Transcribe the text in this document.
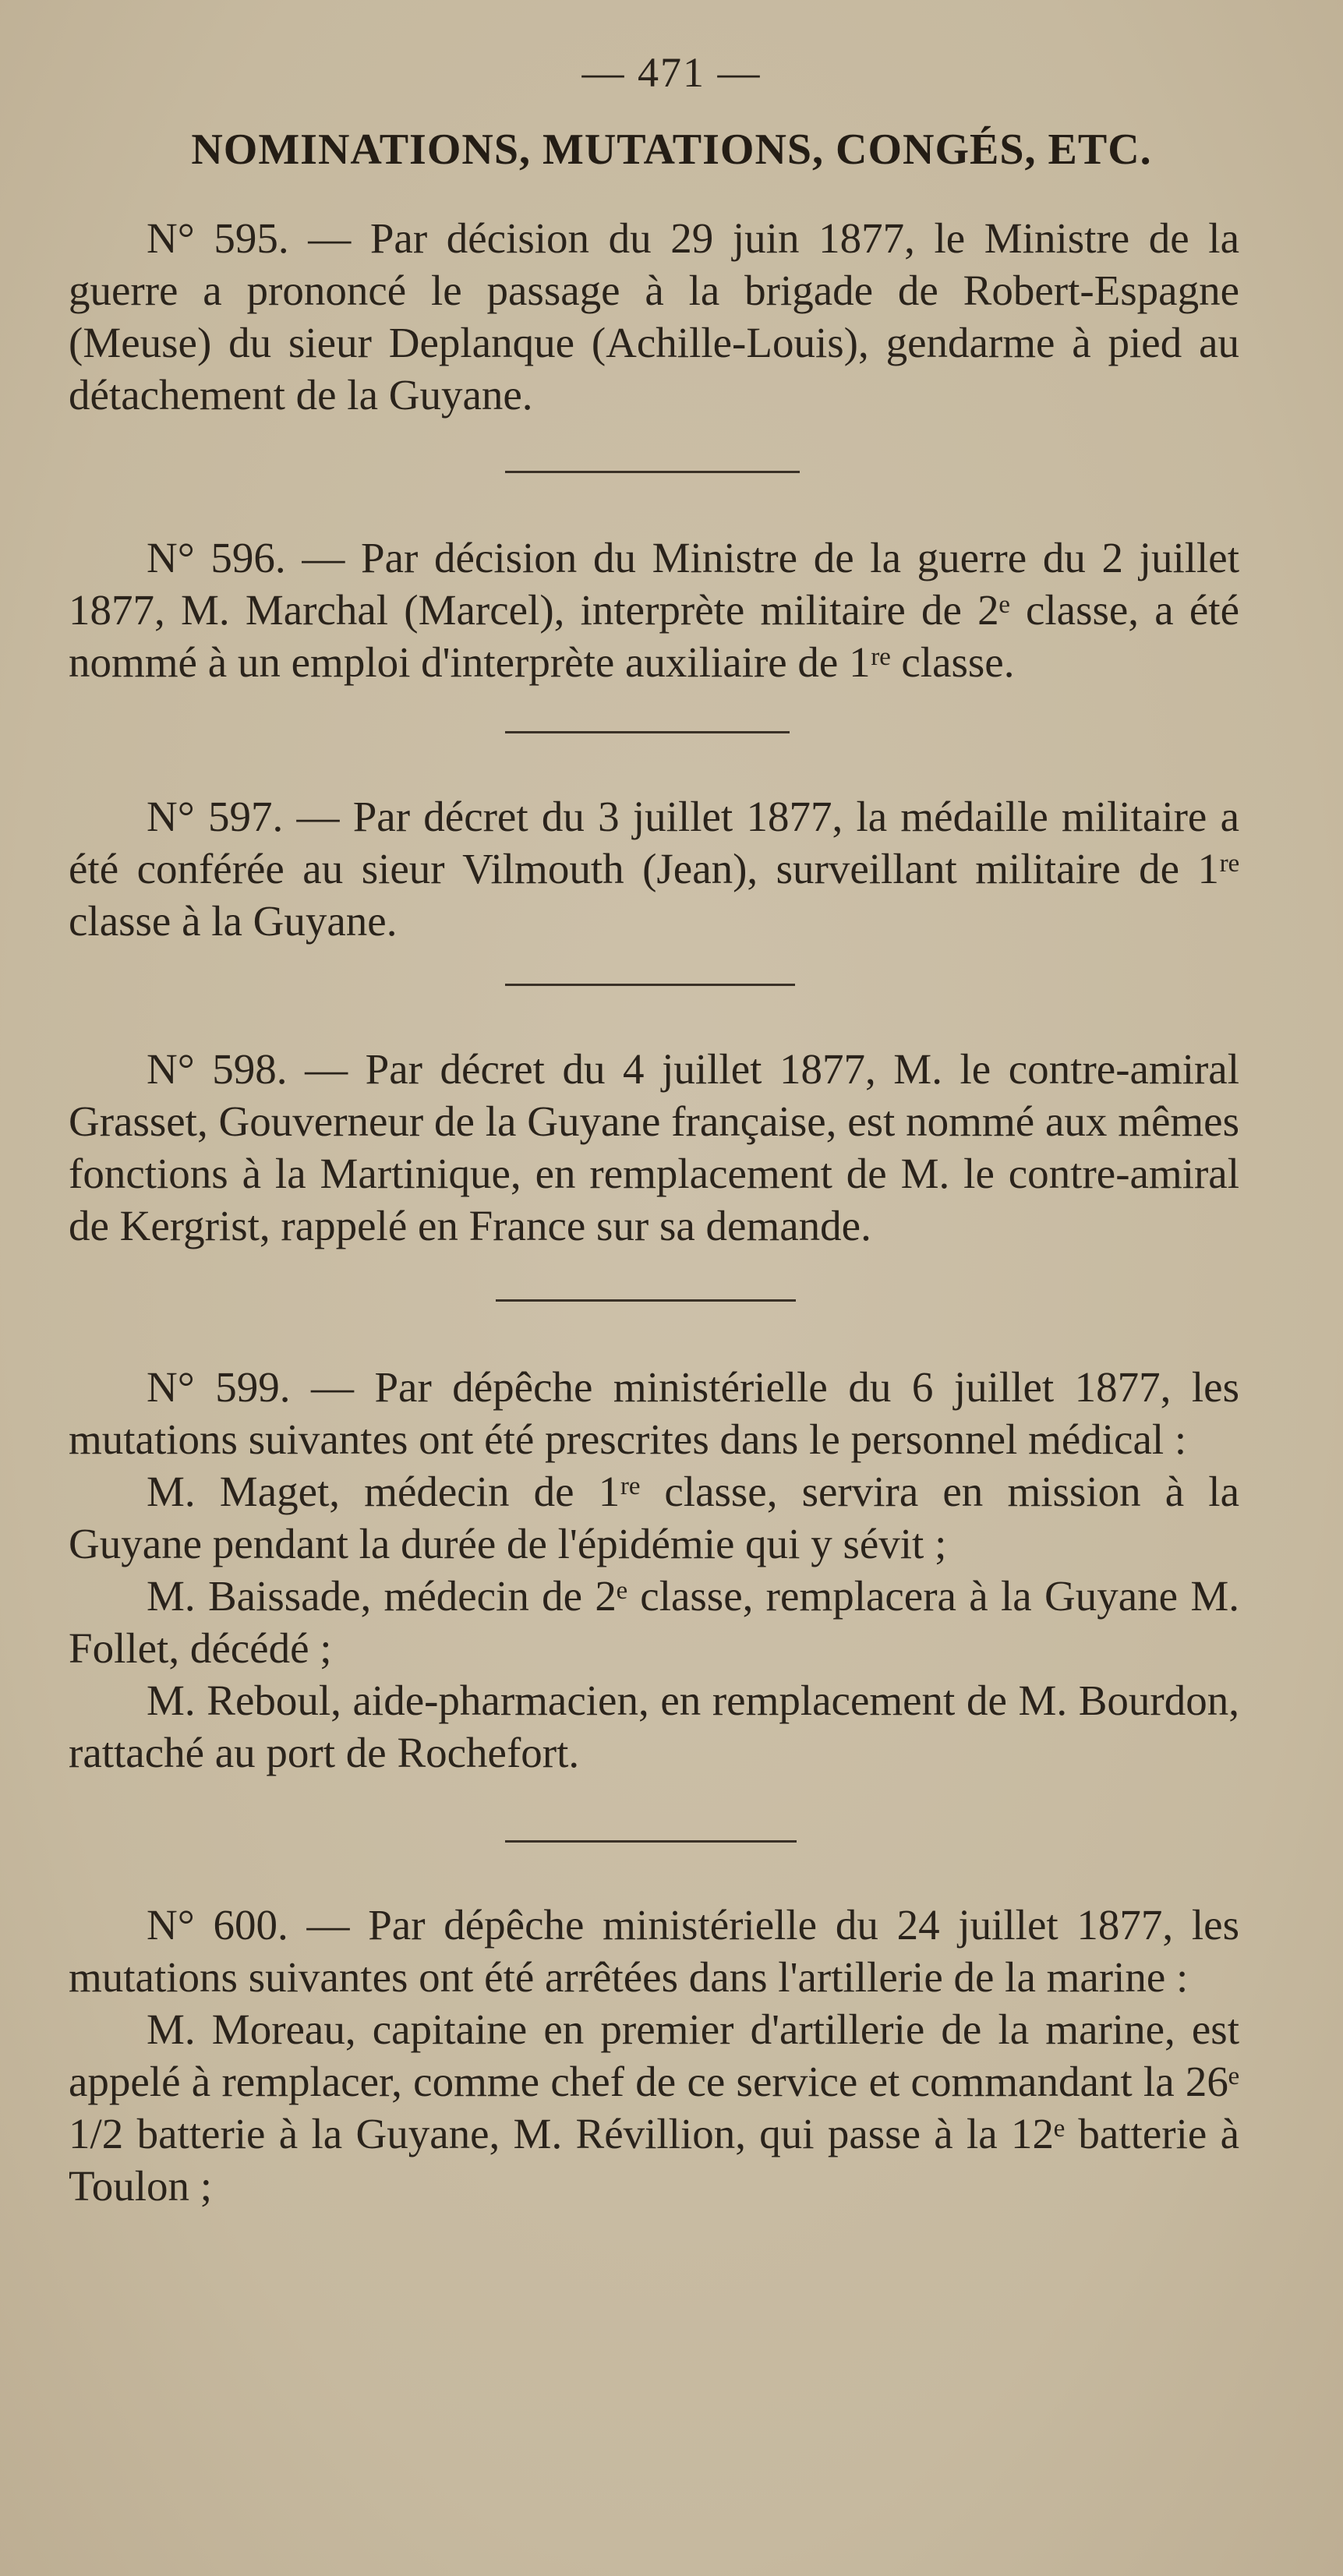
— 471 —
NOMINATIONS, MUTATIONS, CONGÉS, ETC.

N° 595. — Par décision du 29 juin 1877, le Ministre de la guerre a prononcé le passage à la brigade de Robert-Espagne (Meuse) du sieur Deplanque (Achille-Louis), gendarme à pied au détachement de la Guyane.

N° 596. — Par décision du Ministre de la guerre du 2 juillet 1877, M. Marchal (Marcel), interprète militaire de 2ᵉ classe, a été nommé à un emploi d'interprète auxiliaire de 1ʳᵉ classe.

N° 597. — Par décret du 3 juillet 1877, la médaille militaire a été conférée au sieur Vilmouth (Jean), surveillant militaire de 1ʳᵉ classe à la Guyane.

N° 598. — Par décret du 4 juillet 1877, M. le contre-amiral Grasset, Gouverneur de la Guyane française, est nommé aux mêmes fonctions à la Martinique, en remplacement de M. le contre-amiral de Kergrist, rappelé en France sur sa demande.

N° 599. — Par dépêche ministérielle du 6 juillet 1877, les mutations suivantes ont été prescrites dans le personnel médical :

M. Maget, médecin de 1ʳᵉ classe, servira en mission à la Guyane pendant la durée de l'épidémie qui y sévit ;

M. Baissade, médecin de 2ᵉ classe, remplacera à la Guyane M. Follet, décédé ;

M. Reboul, aide-pharmacien, en remplacement de M. Bourdon, rattaché au port de Rochefort.

N° 600. — Par dépêche ministérielle du 24 juillet 1877, les mutations suivantes ont été arrêtées dans l'artillerie de la marine :

M. Moreau, capitaine en premier d'artillerie de la marine, est appelé à remplacer, comme chef de ce service et commandant la 26ᵉ 1/2 batterie à la Guyane, M. Révillion, qui passe à la 12ᵉ batterie à Toulon ;
